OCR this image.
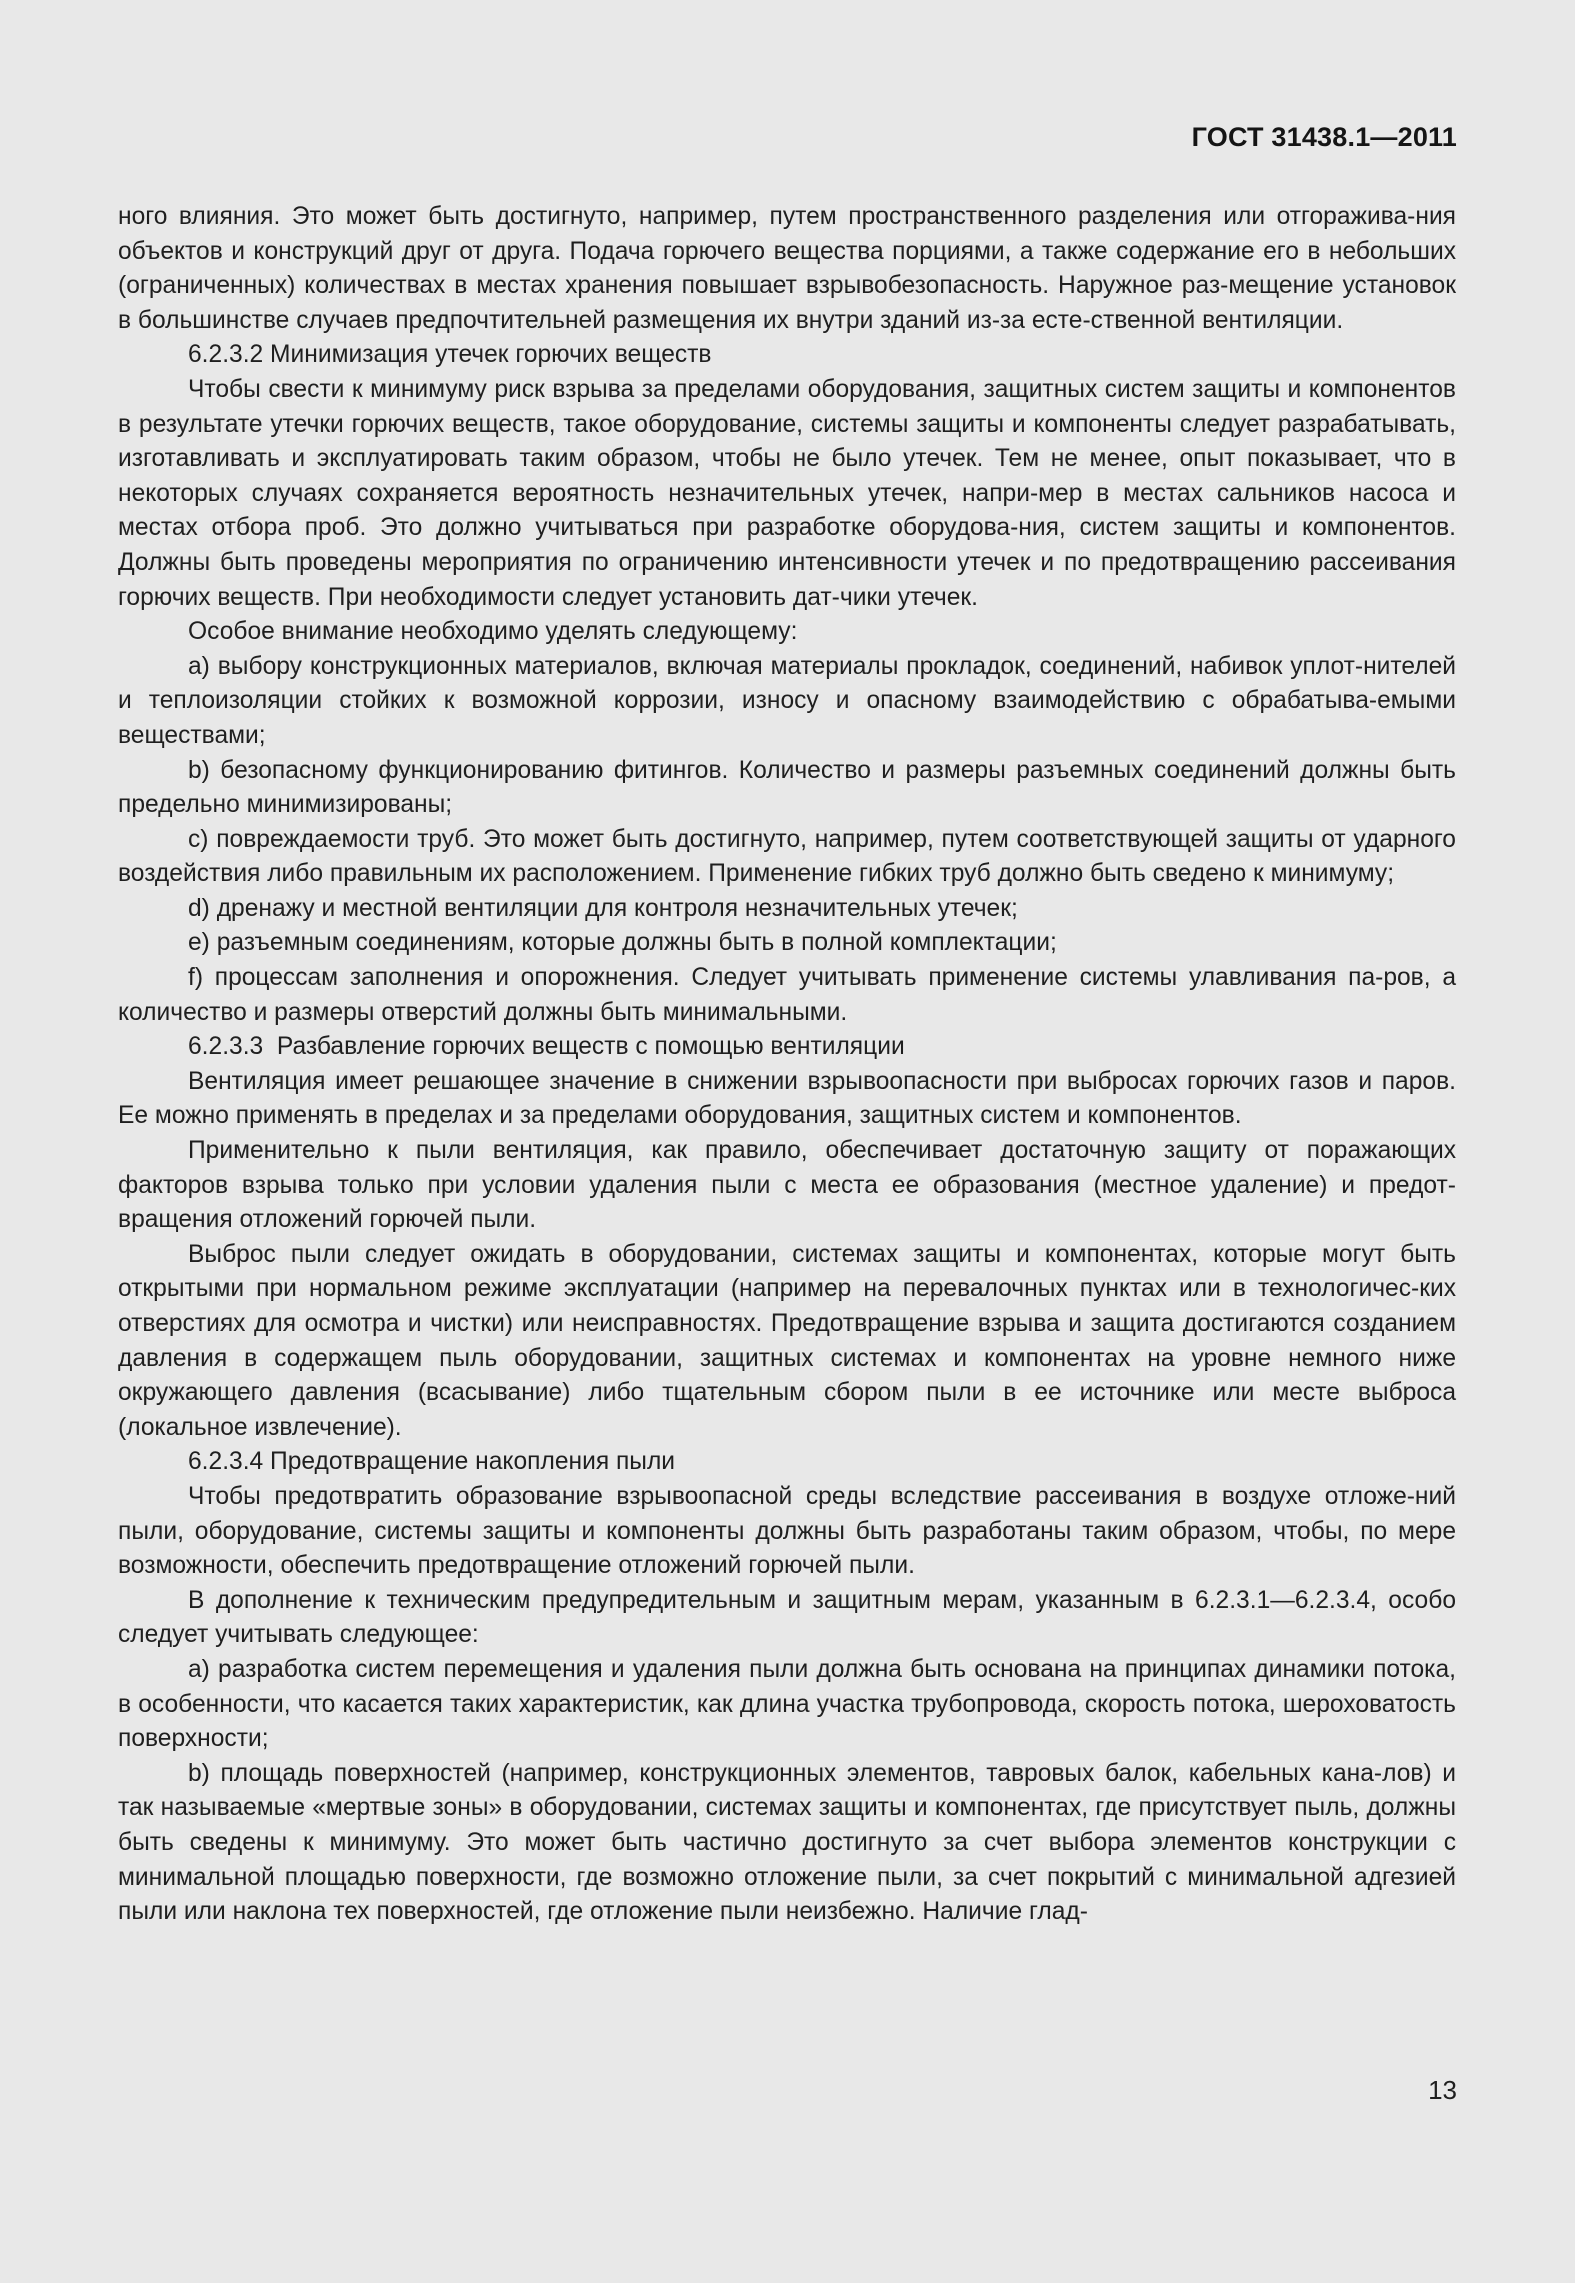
ГОСТ 31438.1—2011

ного влияния. Это может быть достигнуто, например, путем пространственного разделения или отгоражива-ния объектов и конструкций друг от друга. Подача горючего вещества порциями, а также содержание его в небольших (ограниченных) количествах в местах хранения повышает взрывобезопасность. Наружное раз-мещение установок в большинстве случаев предпочтительней размещения их внутри зданий из-за есте-ственной вентиляции.

6.2.3.2 Минимизация утечек горючих веществ

Чтобы свести к минимуму риск взрыва за пределами оборудования, защитных систем защиты и компонентов в результате утечки горючих веществ, такое оборудование, системы защиты и компоненты следует разрабатывать, изготавливать и эксплуатировать таким образом, чтобы не было утечек. Тем не менее, опыт показывает, что в некоторых случаях сохраняется вероятность незначительных утечек, напри-мер в местах сальников насоса и местах отбора проб. Это должно учитываться при разработке оборудова-ния, систем защиты и компонентов. Должны быть проведены мероприятия по ограничению интенсивности утечек и по предотвращению рассеивания горючих веществ. При необходимости следует установить дат-чики утечек.

Особое внимание необходимо уделять следующему:

а) выбору конструкционных материалов, включая материалы прокладок, соединений, набивок уплот-нителей и теплоизоляции стойких к возможной коррозии, износу и опасному взаимодействию с обрабатыва-емыми веществами;

b) безопасному функционированию фитингов. Количество и размеры разъемных соединений должны быть предельно минимизированы;

c) повреждаемости труб. Это может быть достигнуто, например, путем соответствующей защиты от ударного воздействия либо правильным их расположением. Применение гибких труб должно быть сведено к минимуму;

d) дренажу и местной вентиляции для контроля незначительных утечек;

e) разъемным соединениям, которые должны быть в полной комплектации;

f) процессам заполнения и опорожнения. Следует учитывать применение системы улавливания па-ров, а количество и размеры отверстий должны быть минимальными.

6.2.3.3  Разбавление горючих веществ с помощью вентиляции

Вентиляция имеет решающее значение в снижении взрывоопасности при выбросах горючих газов и паров. Ее можно применять в пределах и за пределами оборудования, защитных систем и компонентов.

Применительно к пыли вентиляция, как правило, обеспечивает достаточную защиту от поражающих факторов взрыва только при условии удаления пыли с места ее образования (местное удаление) и предот-вращения отложений горючей пыли.

Выброс пыли следует ожидать в оборудовании, системах защиты и компонентах, которые могут быть открытыми при нормальном режиме эксплуатации (например на перевалочных пунктах или в технологичес-ких отверстиях для осмотра и чистки) или неисправностях. Предотвращение взрыва и защита достигаются созданием давления в содержащем пыль оборудовании, защитных системах и компонентах на уровне немного ниже окружающего давления (всасывание) либо тщательным сбором пыли в ее источнике или месте выброса (локальное извлечение).

6.2.3.4 Предотвращение накопления пыли

Чтобы предотвратить образование взрывоопасной среды вследствие рассеивания в воздухе отложе-ний пыли, оборудование, системы защиты и компоненты должны быть разработаны таким образом, чтобы, по мере возможности, обеспечить предотвращение отложений горючей пыли.

В дополнение к техническим предупредительным и защитным мерам, указанным в 6.2.3.1—6.2.3.4, особо следует учитывать следующее:

а) разработка систем перемещения и удаления пыли должна быть основана на принципах динамики потока, в особенности, что касается таких характеристик, как длина участка трубопровода, скорость потока, шероховатость поверхности;

b) площадь поверхностей (например, конструкционных элементов, тавровых балок, кабельных кана-лов) и так называемые «мертвые зоны» в оборудовании, системах защиты и компонентах, где присутствует пыль, должны быть сведены к минимуму. Это может быть частично достигнуто за счет выбора элементов конструкции с минимальной площадью поверхности, где возможно отложение пыли, за счет покрытий с минимальной адгезией пыли или наклона тех поверхностей, где отложение пыли неизбежно. Наличие глад-

13
